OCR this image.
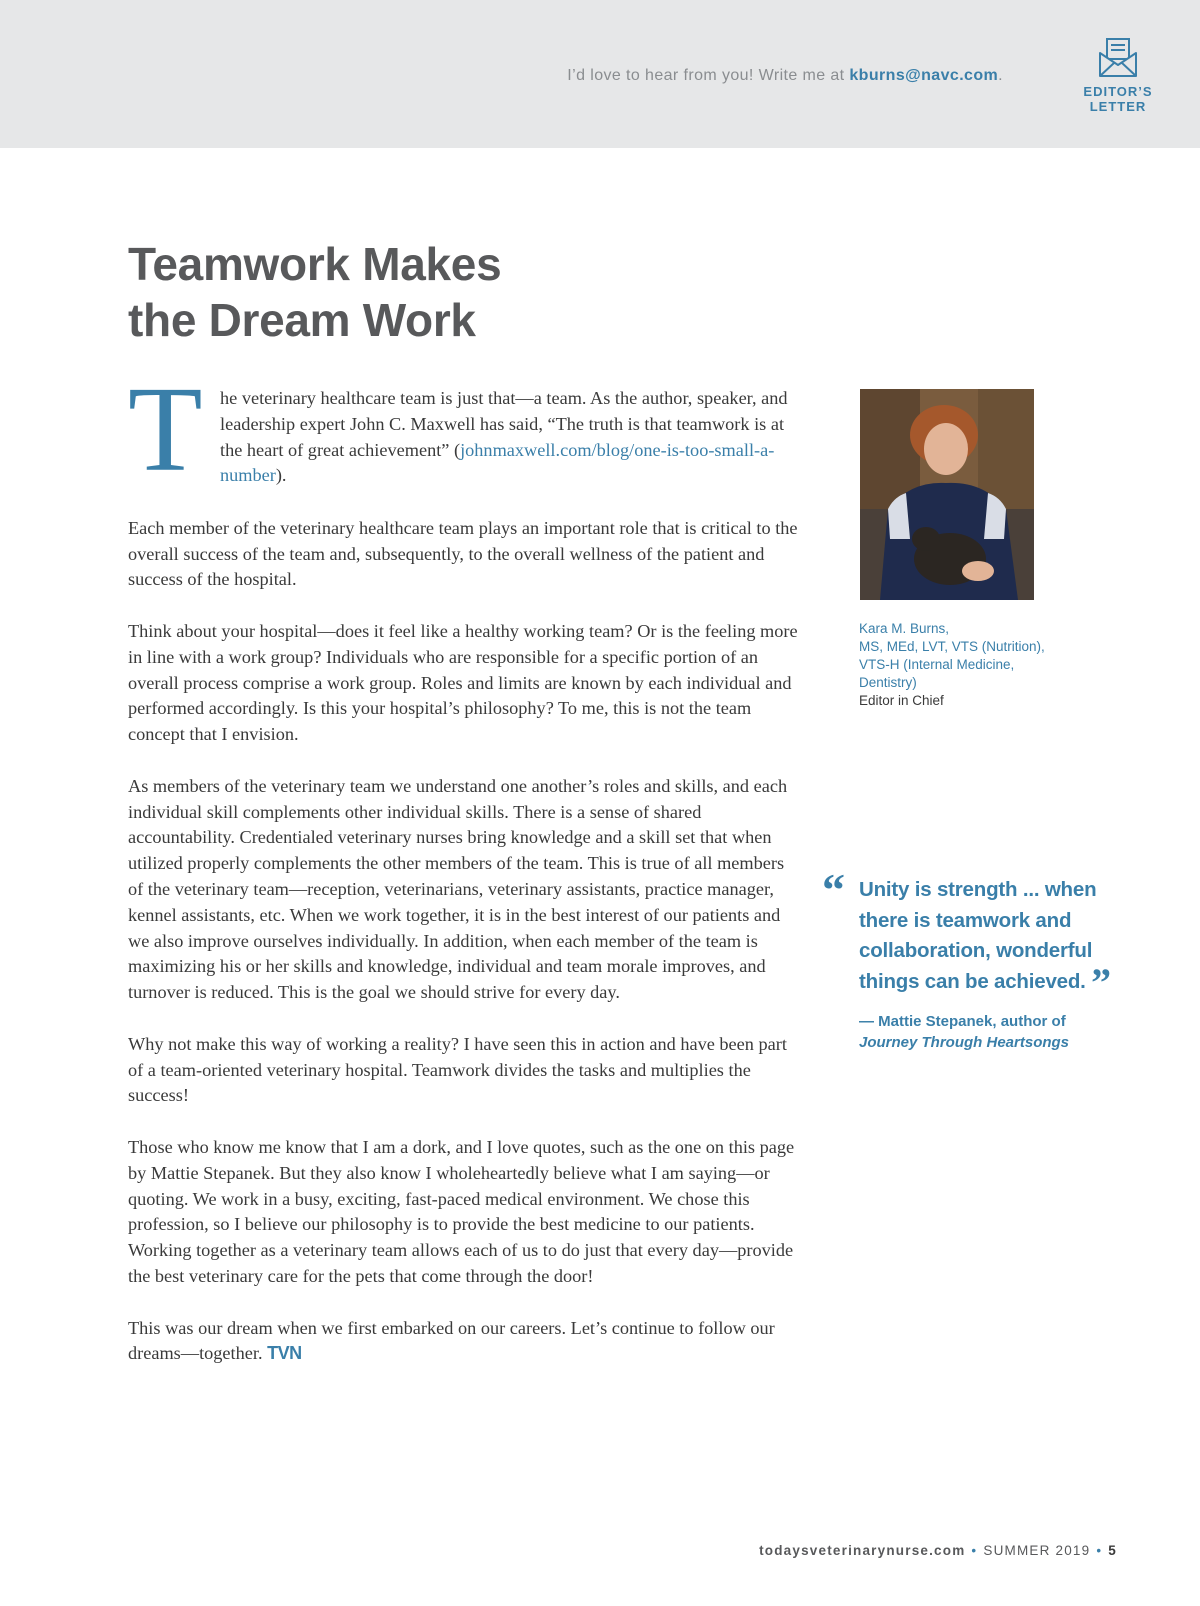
I’d love to hear from you! Write me at kburns@navc.com.
EDITOR’S
LETTER
Teamwork Makes
the Dream Work

T he veterinary healthcare team is just that—a team. As the author, speaker, and leadership expert John C. Maxwell has said, “The truth is that teamwork is at the heart of great achievement” (johnmaxwell.com/blog/one-is-too-small-a-number).

Each member of the veterinary healthcare team plays an important role that is critical to the overall success of the team and, subsequently, to the overall wellness of the patient and success of the hospital.

Think about your hospital—does it feel like a healthy working team? Or is the feeling more in line with a work group? Individuals who are responsible for a specific portion of an overall process comprise a work group. Roles and limits are known by each individual and performed accordingly. Is this your hospital’s philosophy? To me, this is not the team concept that I envision.

As members of the veterinary team we understand one another’s roles and skills, and each individual skill complements other individual skills. There is a sense of shared accountability. Credentialed veterinary nurses bring knowledge and a skill set that when utilized properly complements the other members of the team. This is true of all members of the veterinary team—reception, veterinarians, veterinary assistants, practice manager, kennel assistants, etc. When we work together, it is in the best interest of our patients and we also improve ourselves individually. In addition, when each member of the team is maximizing his or her skills and knowledge, individual and team morale improves, and turnover is reduced. This is the goal we should strive for every day.

Why not make this way of working a reality? I have seen this in action and have been part of a team-oriented veterinary hospital. Teamwork divides the tasks and multiplies the success!

Those who know me know that I am a dork, and I love quotes, such as the one on this page by Mattie Stepanek. But they also know I wholeheartedly believe what I am saying—or quoting. We work in a busy, exciting, fast-paced medical environment. We chose this profession, so I believe our philosophy is to provide the best medicine to our patients. Working together as a veterinary team allows each of us to do just that every day—provide the best veterinary care for the pets that come through the door!

This was our dream when we first embarked on our careers. Let’s continue to follow our dreams—together. TVN

Kara M. Burns,
MS, MEd, LVT, VTS (Nutrition),
VTS-H (Internal Medicine,
Dentistry)
Editor in Chief
“ Unity is strength ... when there is teamwork and collaboration, wonderful things can be achieved. ”
— Mattie Stepanek, author of
Journey Through Heartsongs
todaysveterinarynurse.com • SUMMER 2019 • 5
